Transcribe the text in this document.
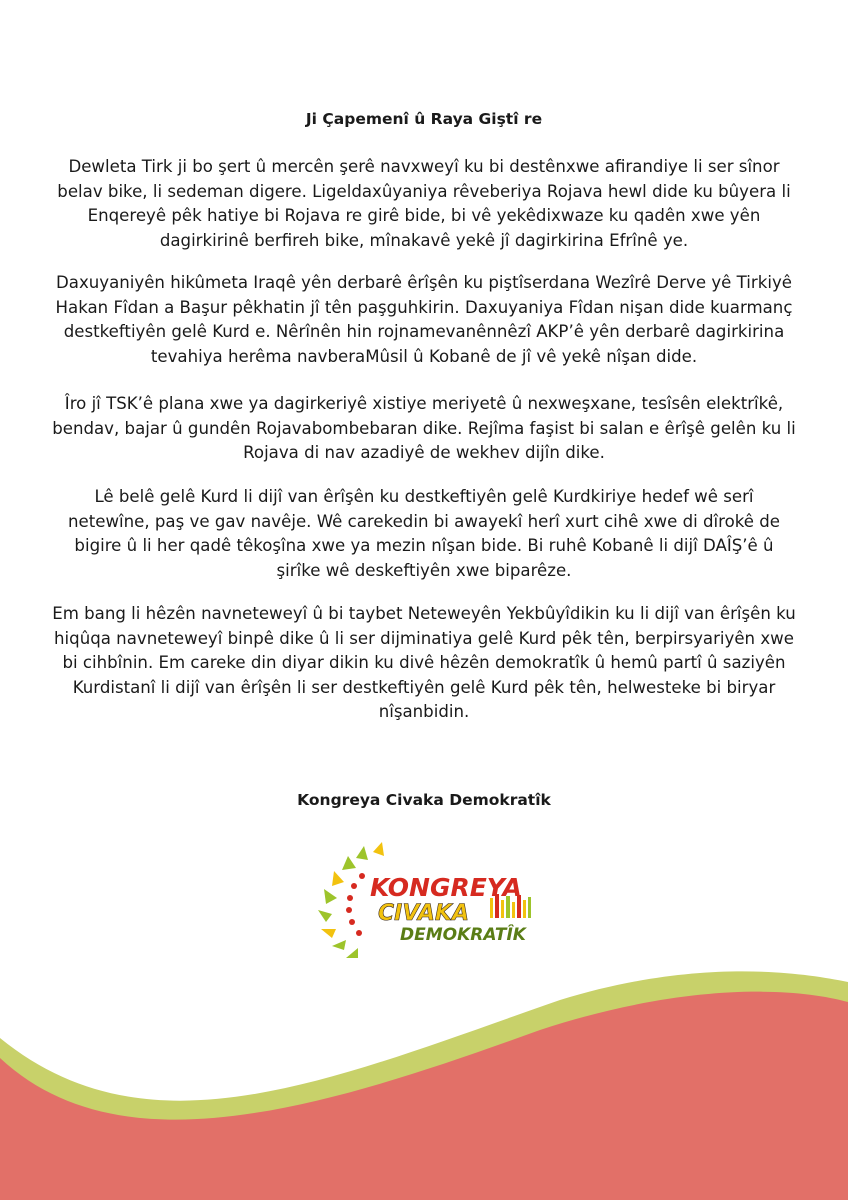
Ji Çapemenî û Raya Giştî re

Dewleta Tirk ji bo şert û mercên şerê navxweyî ku bi destênxwe afirandiye li ser sînor belav bike, li sedeman digere. Ligeldaxûyaniya rêveberiya Rojava hewl dide ku bûyera li Enqereyê pêk hatiye bi Rojava re girê bide, bi vê yekêdixwaze ku qadên xwe yên dagirkirinê berfireh bike, mînakavê yekê jî dagirkirina Efrînê ye.

Daxuyaniyên hikûmeta Iraqê yên derbarê êrîşên ku piştîserdana Wezîrê Derve yê Tirkiyê Hakan Fîdan a Başur pêkhatin jî tên paşguhkirin. Daxuyaniya Fîdan nişan dide kuarmanç destkeftiyên gelê Kurd e. Nêrînên hin rojnamevanênnêzî AKP’ê yên derbarê dagirkirina tevahiya herêma navberaMûsil û Kobanê de jî vê yekê nîşan dide.

Îro jî TSK’ê plana xwe ya dagirkeriyê xistiye meriyetê û nexweşxane, tesîsên elektrîkê, bendav, bajar û gundên Rojavabombebaran dike. Rejîma faşist bi salan e êrîşê gelên ku li Rojava di nav azadiyê de wekhev dijîn dike.

Lê belê gelê Kurd li dijî van êrîşên ku destkeftiyên gelê Kurdkiriye hedef wê serî netewîne, paş ve gav navêje. Wê carekedin bi awayekî herî xurt cihê xwe di dîrokê de bigire û li her qadê têkoşîna xwe ya mezin nîşan bide. Bi ruhê Kobanê li dijî DAÎŞ’ê û şirîke wê deskeftiyên xwe biparêze.

Em bang li hêzên navneteweyî û bi taybet Neteweyên Yekbûyîdikin ku li dijî van êrîşên ku hiqûqa navneteweyî binpê dike û li ser dijminatiya gelê Kurd pêk tên, berpirsyariyên xwe bi cihbînin. Em careke din diyar dikin ku divê hêzên demokratîk û hemû partî û saziyên Kurdistanî li dijî van êrîşên li ser destkeftiyên gelê Kurd pêk tên, helwesteke bi biryar nîşanbidin.

Kongreya Civaka Demokratîk
KONGREYA
CIVAKA
DEMOKRATÎK
